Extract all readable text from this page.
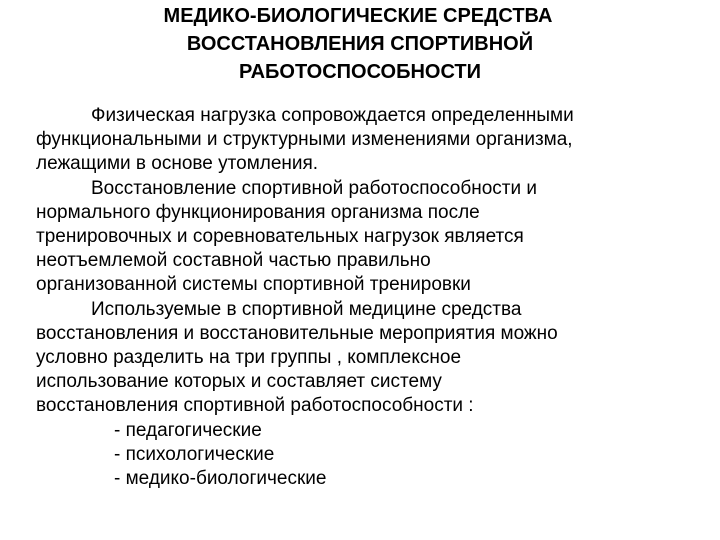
МЕДИКО-БИОЛОГИЧЕСКИЕ СРЕДСТВА
ВОССТАНОВЛЕНИЯ СПОРТИВНОЙ
РАБОТОСПОСОБНОСТИ
Физическая нагрузка сопровождается определенными
функциональными и структурными изменениями организма,
лежащими в основе утомления.
Восстановление спортивной работоспособности и
нормального функционирования организма после
тренировочных и соревновательных нагрузок является
неотъемлемой составной частью правильно
организованной системы спортивной тренировки
Используемые в спортивной медицине средства
восстановления и восстановительные мероприятия можно
условно разделить на три группы , комплексное
использование которых и составляет систему
восстановления спортивной работоспособности :
- педагогические
- психологические
- медико-биологические
